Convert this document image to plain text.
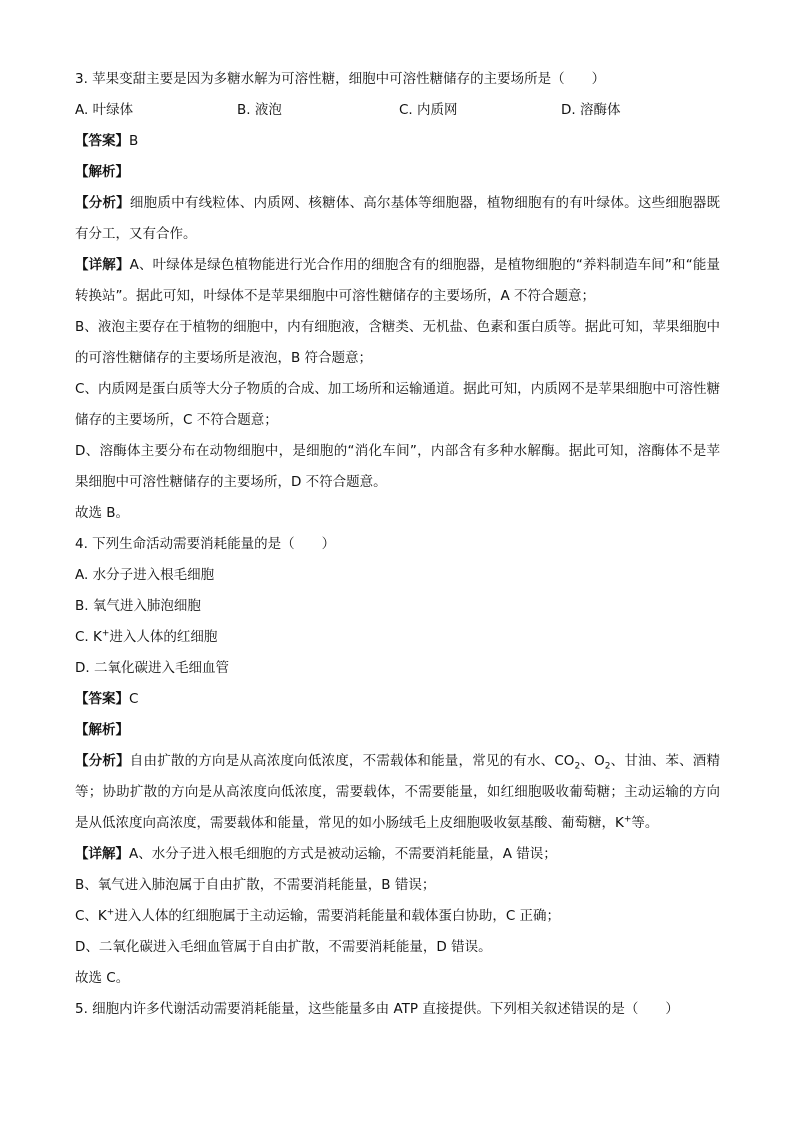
3. 苹果变甜主要是因为多糖水解为可溶性糖，细胞中可溶性糖储存的主要场所是（　　）
A. 叶绿体	B. 液泡	C. 内质网	D. 溶酶体
【答案】B
【解析】

【分析】细胞质中有线粒体、内质网、核糖体、高尔基体等细胞器，植物细胞有的有叶绿体。这些细胞器既有分工，又有合作。

【详解】A、叶绿体是绿色植物能进行光合作用的细胞含有的细胞器，是植物细胞的“养料制造车间”和“能量转换站”。据此可知，叶绿体不是苹果细胞中可溶性糖储存的主要场所，A 不符合题意；

B、液泡主要存在于植物的细胞中，内有细胞液，含糖类、无机盐、色素和蛋白质等。据此可知，苹果细胞中的可溶性糖储存的主要场所是液泡，B 符合题意；

C、内质网是蛋白质等大分子物质的合成、加工场所和运输通道。据此可知，内质网不是苹果细胞中可溶性糖储存的主要场所，C 不符合题意；

D、溶酶体主要分布在动物细胞中，是细胞的“消化车间”，内部含有多种水解酶。据此可知，溶酶体不是苹果细胞中可溶性糖储存的主要场所，D 不符合题意。

故选 B。
4. 下列生命活动需要消耗能量的是（　　）
A. 水分子进入根毛细胞
B. 氧气进入肺泡细胞
C. K+进入人体的红细胞
D. 二氧化碳进入毛细血管
【答案】C
【解析】

【分析】自由扩散的方向是从高浓度向低浓度，不需载体和能量，常见的有水、$CO_2$、$O_2$、甘油、苯、酒精等；协助扩散的方向是从高浓度向低浓度，需要载体，不需要能量，如红细胞吸收葡萄糖；主动运输的方向是从低浓度向高浓度，需要载体和能量，常见的如小肠绒毛上皮细胞吸收氨基酸、葡萄糖，K+等。

【详解】A、水分子进入根毛细胞的方式是被动运输，不需要消耗能量，A 错误；

B、氧气进入肺泡属于自由扩散，不需要消耗能量，B 错误；

C、K+进入人体的红细胞属于主动运输，需要消耗能量和载体蛋白协助，C 正确；

D、二氧化碳进入毛细血管属于自由扩散，不需要消耗能量，D 错误。

故选 C。
5. 细胞内许多代谢活动需要消耗能量，这些能量多由 ATP 直接提供。下列相关叙述错误的是（　　）
